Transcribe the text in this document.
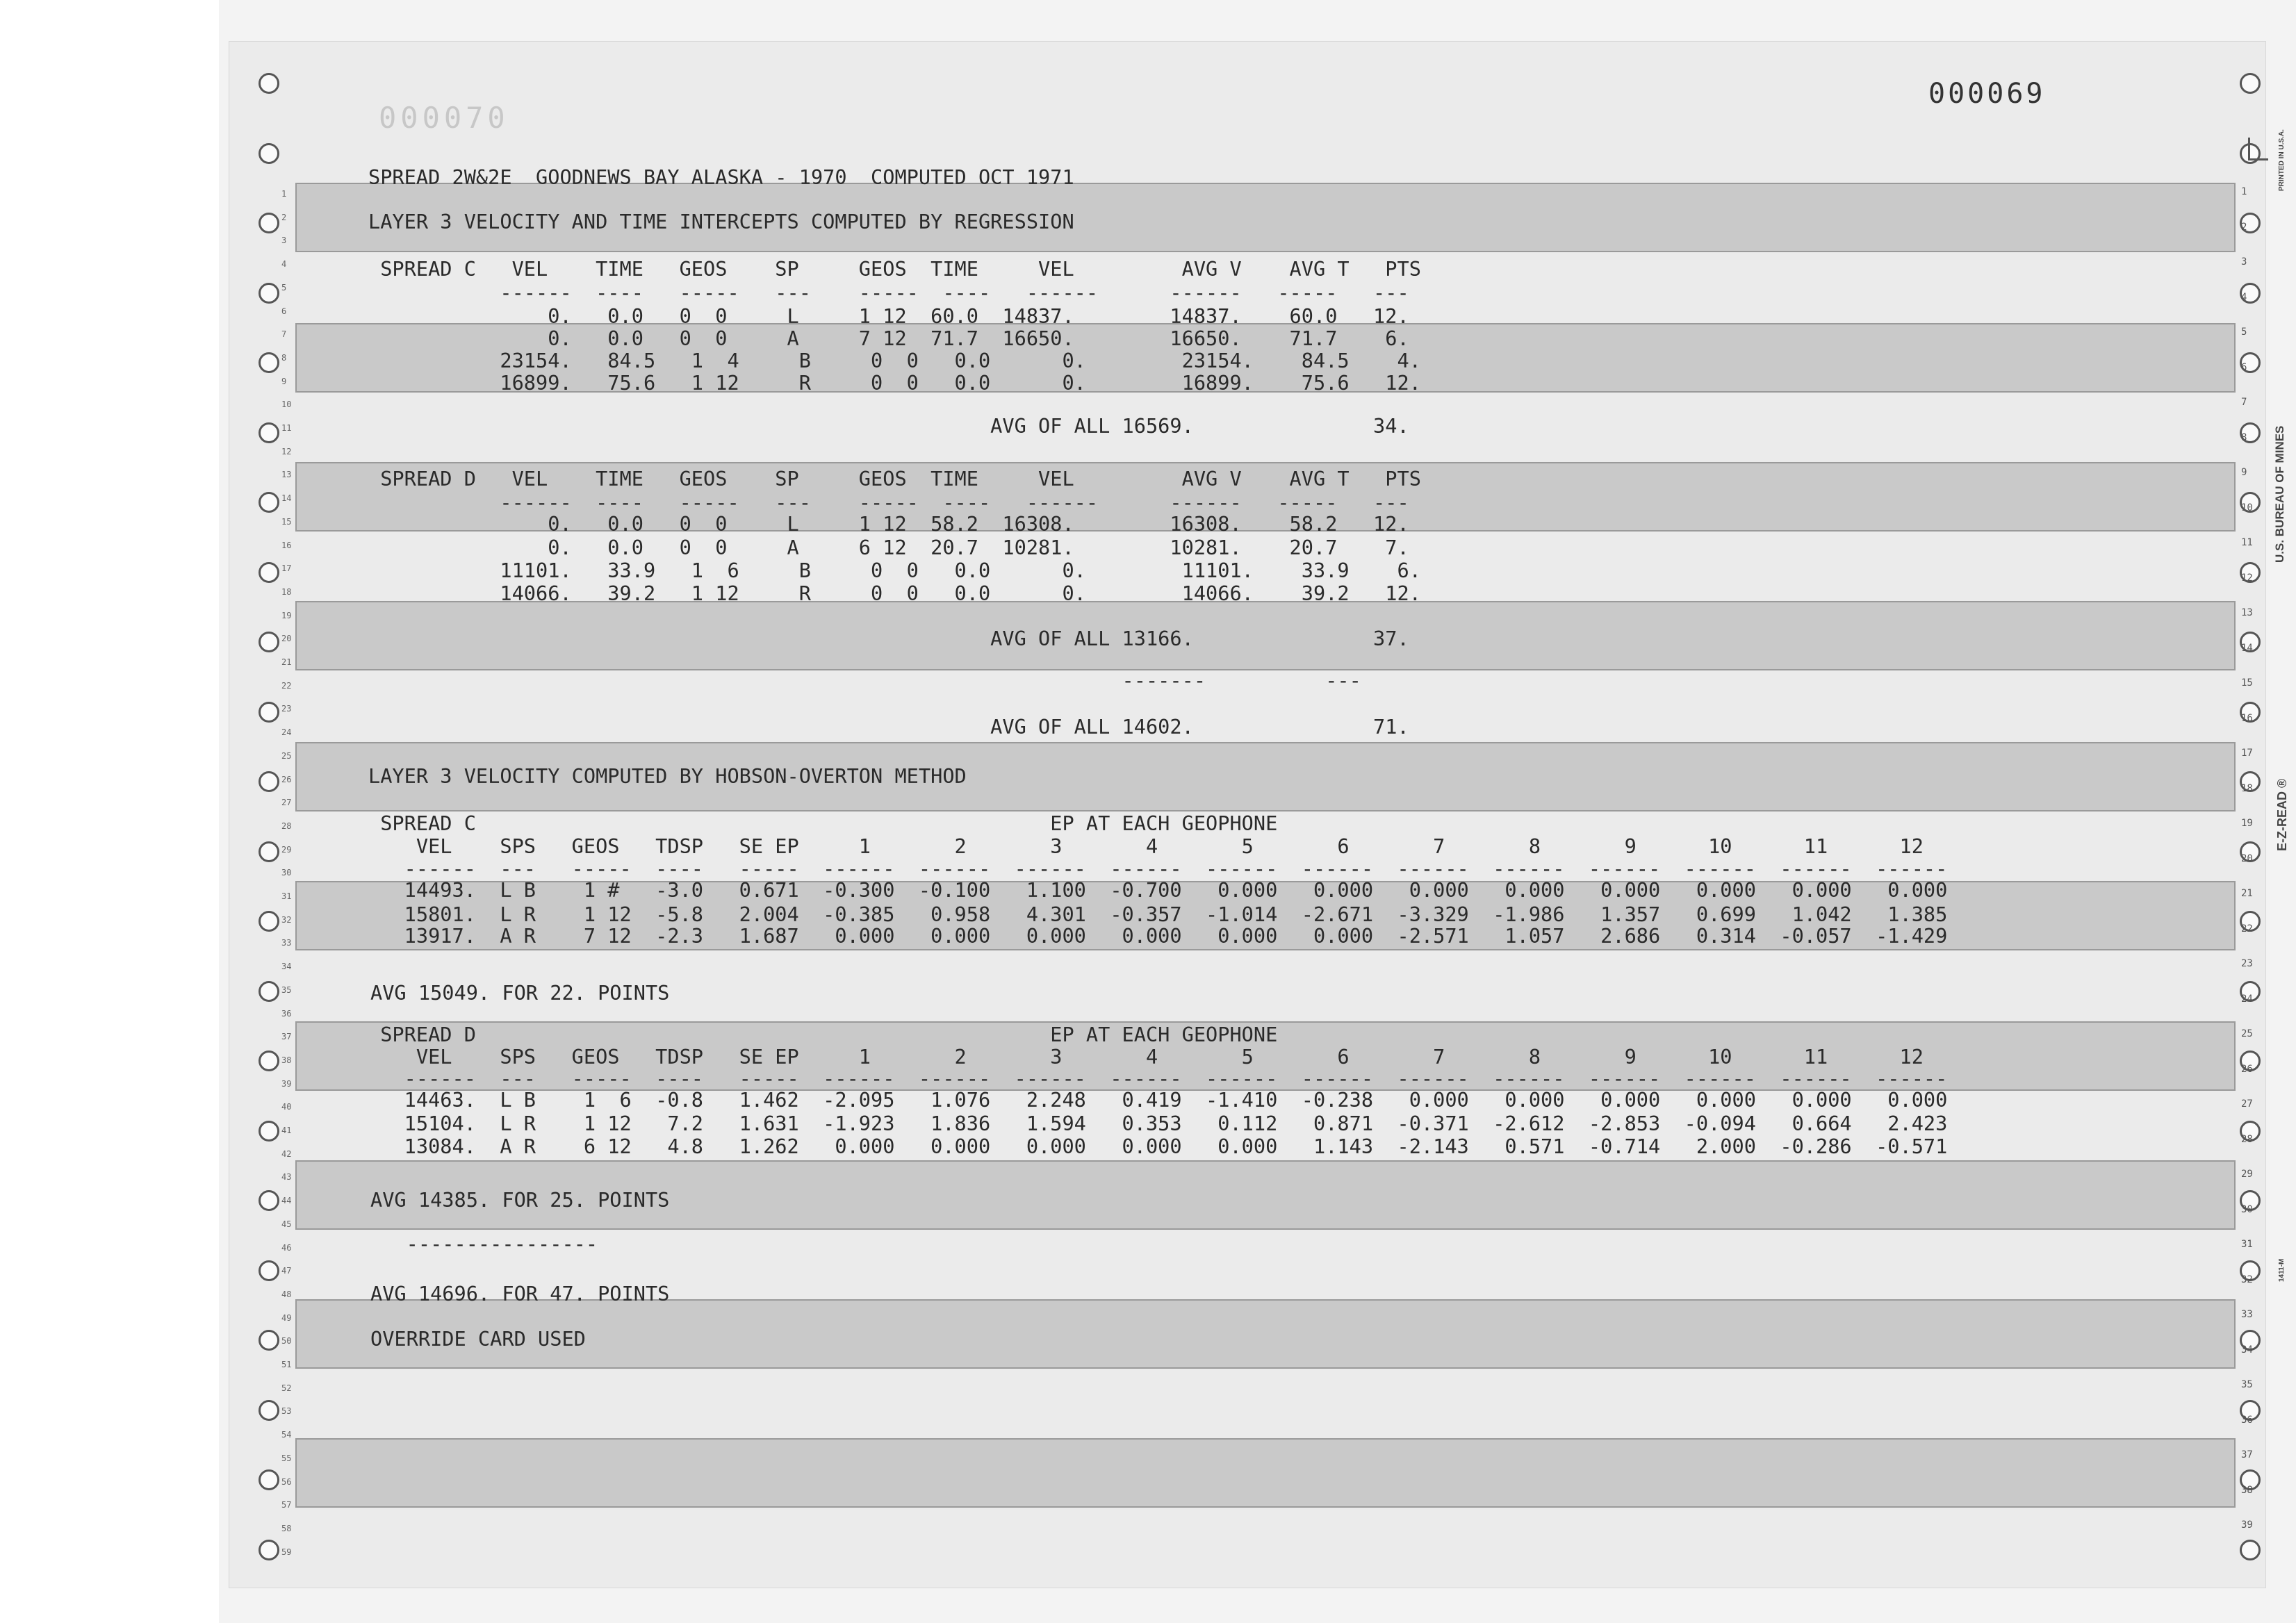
1
2
3
4
5
6
7
8
9
10
11
12
13
14
15
16
17
18
19
20
21
22
23
24
25
26
27
28
29
30
31
32
33
34
35
36
37
38
39
40
41
42
43
44
45
46
47
48
49
50
51
52
53
54
55
56
57
58
59
1
2
3
4
5
6
7
8
9
10
11
12
13
14
15
16
17
18
19
20
21
22
23
24
25
26
27
28
29
30
31
32
33
34
35
36
37
38
39
000069
000070
PRINTED IN U.S.A.
U.S. BUREAU OF MINES
E-Z-READ ®
1411-M
SPREAD 2W&2E  GOODNEWS BAY ALASKA - 1970  COMPUTED OCT 1971
LAYER 3 VELOCITY AND TIME INTERCEPTS COMPUTED BY REGRESSION
SPREAD C   VEL    TIME   GEOS    SP     GEOS  TIME     VEL         AVG V    AVG T   PTS
------  ----   -----   ---    -----  ----   ------      ------   -----   ---
0.   0.0   0  0     L     1 12  60.0  14837.        14837.    60.0   12.
0.   0.0   0  0     A     7 12  71.7  16650.        16650.    71.7    6.
23154.   84.5   1  4     B     0  0   0.0      0.        23154.    84.5    4.
16899.   75.6   1 12     R     0  0   0.0      0.        16899.    75.6   12.
AVG OF ALL 16569.               34.
SPREAD D   VEL    TIME   GEOS    SP     GEOS  TIME     VEL         AVG V    AVG T   PTS
------  ----   -----   ---    -----  ----   ------      ------   -----   ---
0.   0.0   0  0     L     1 12  58.2  16308.        16308.    58.2   12.
0.   0.0   0  0     A     6 12  20.7  10281.        10281.    20.7    7.
11101.   33.9   1  6     B     0  0   0.0      0.        11101.    33.9    6.
14066.   39.2   1 12     R     0  0   0.0      0.        14066.    39.2   12.
AVG OF ALL 13166.               37.
-------          ---
AVG OF ALL 14602.               71.
LAYER 3 VELOCITY COMPUTED BY HOBSON-OVERTON METHOD
SPREAD C                                                EP AT EACH GEOPHONE
VEL    SPS   GEOS   TDSP   SE EP     1       2       3       4       5       6       7       8       9      10      11      12
------  ---   -----  ----   -----  ------  ------  ------  ------  ------  ------  ------  ------  ------  ------  ------  ------
14493.  L B    1 #   -3.0   0.671  -0.300  -0.100   1.100  -0.700   0.000   0.000   0.000   0.000   0.000   0.000   0.000   0.000
15801.  L R    1 12  -5.8   2.004  -0.385   0.958   4.301  -0.357  -1.014  -2.671  -3.329  -1.986   1.357   0.699   1.042   1.385
13917.  A R    7 12  -2.3   1.687   0.000   0.000   0.000   0.000   0.000   0.000  -2.571   1.057   2.686   0.314  -0.057  -1.429
AVG 15049. FOR 22. POINTS
SPREAD D                                                EP AT EACH GEOPHONE
VEL    SPS   GEOS   TDSP   SE EP     1       2       3       4       5       6       7       8       9      10      11      12
------  ---   -----  ----   -----  ------  ------  ------  ------  ------  ------  ------  ------  ------  ------  ------  ------
14463.  L B    1  6  -0.8   1.462  -2.095   1.076   2.248   0.419  -1.410  -0.238   0.000   0.000   0.000   0.000   0.000   0.000
15104.  L R    1 12   7.2   1.631  -1.923   1.836   1.594   0.353   0.112   0.871  -0.371  -2.612  -2.853  -0.094   0.664   2.423
13084.  A R    6 12   4.8   1.262   0.000   0.000   0.000   0.000   0.000   1.143  -2.143   0.571  -0.714   2.000  -0.286  -0.571
AVG 14385. FOR 25. POINTS
----------------
AVG 14696. FOR 47. POINTS
OVERRIDE CARD USED
